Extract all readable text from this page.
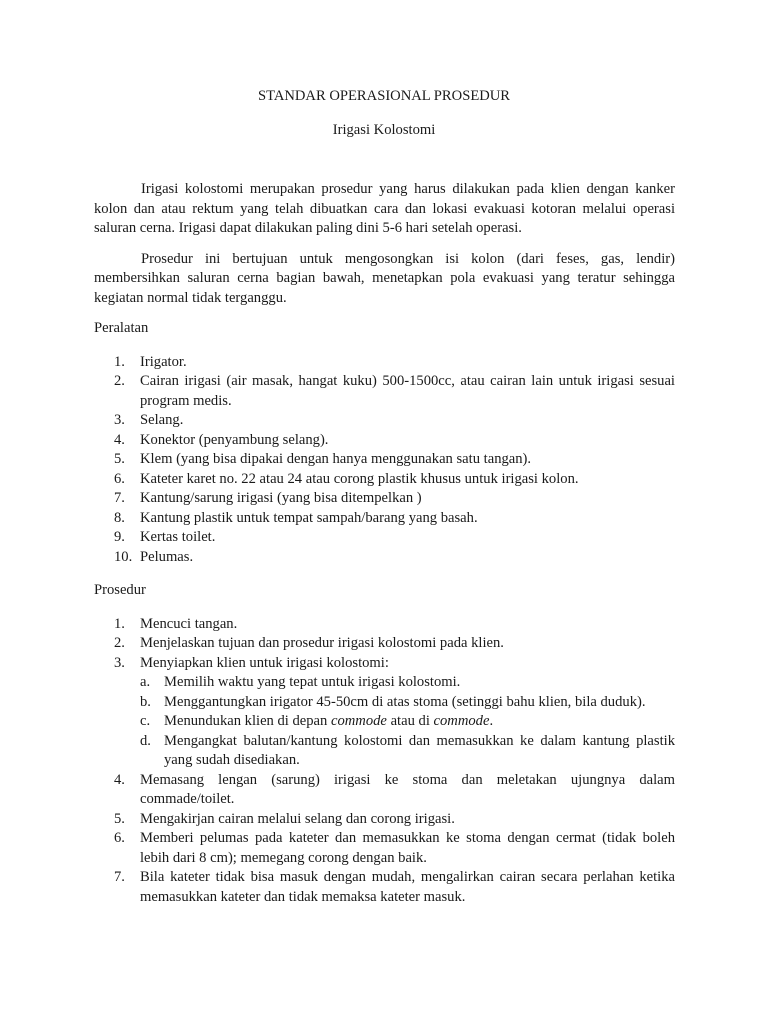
STANDAR OPERASIONAL PROSEDUR
Irigasi Kolostomi

Irigasi kolostomi merupakan prosedur yang harus dilakukan pada klien dengan kanker kolon dan atau rektum yang telah dibuatkan cara dan lokasi evakuasi kotoran melalui operasi saluran cerna. Irigasi dapat dilakukan paling dini 5-6 hari setelah operasi.

Prosedur ini bertujuan untuk mengosongkan isi kolon (dari feses, gas, lendir) membersihkan saluran cerna bagian bawah, menetapkan pola evakuasi yang teratur sehingga kegiatan normal tidak terganggu.

Peralatan
1.	Irigator.
2.	Cairan irigasi (air masak, hangat kuku) 500-1500cc, atau cairan lain untuk irigasi sesuai program medis.
3.	Selang.
4.	Konektor (penyambung selang).
5.	Klem (yang bisa dipakai dengan hanya menggunakan satu tangan).
6.	Kateter karet no. 22 atau 24 atau corong plastik khusus untuk irigasi kolon.
7.	Kantung/sarung irigasi (yang bisa ditempelkan )
8.	Kantung plastik untuk tempat sampah/barang yang basah.
9.	Kertas toilet.
10. Pelumas.
Prosedur
1.	Mencuci tangan.
2.	Menjelaskan tujuan dan prosedur irigasi kolostomi pada klien.
3.	Menyiapkan klien untuk irigasi kolostomi:
a. Memilih waktu yang tepat untuk irigasi kolostomi.
b. Menggantungkan irigator 45-50cm di atas stoma (setinggi bahu klien, bila duduk).
c. Menundukan klien di depan commode atau di commode.
d. Mengangkat balutan/kantung kolostomi dan memasukkan ke dalam kantung plastik yang sudah disediakan.
4.	Memasang lengan (sarung) irigasi ke stoma dan meletakan ujungnya dalam commade/toilet.
5.	Mengakirjan cairan melalui selang dan corong irigasi.
6.	Memberi pelumas pada kateter dan memasukkan ke stoma dengan cermat (tidak boleh lebih dari 8 cm); memegang corong dengan baik.
7.	Bila kateter tidak bisa masuk dengan mudah, mengalirkan cairan secara perlahan ketika memasukkan kateter dan tidak memaksa kateter masuk.
